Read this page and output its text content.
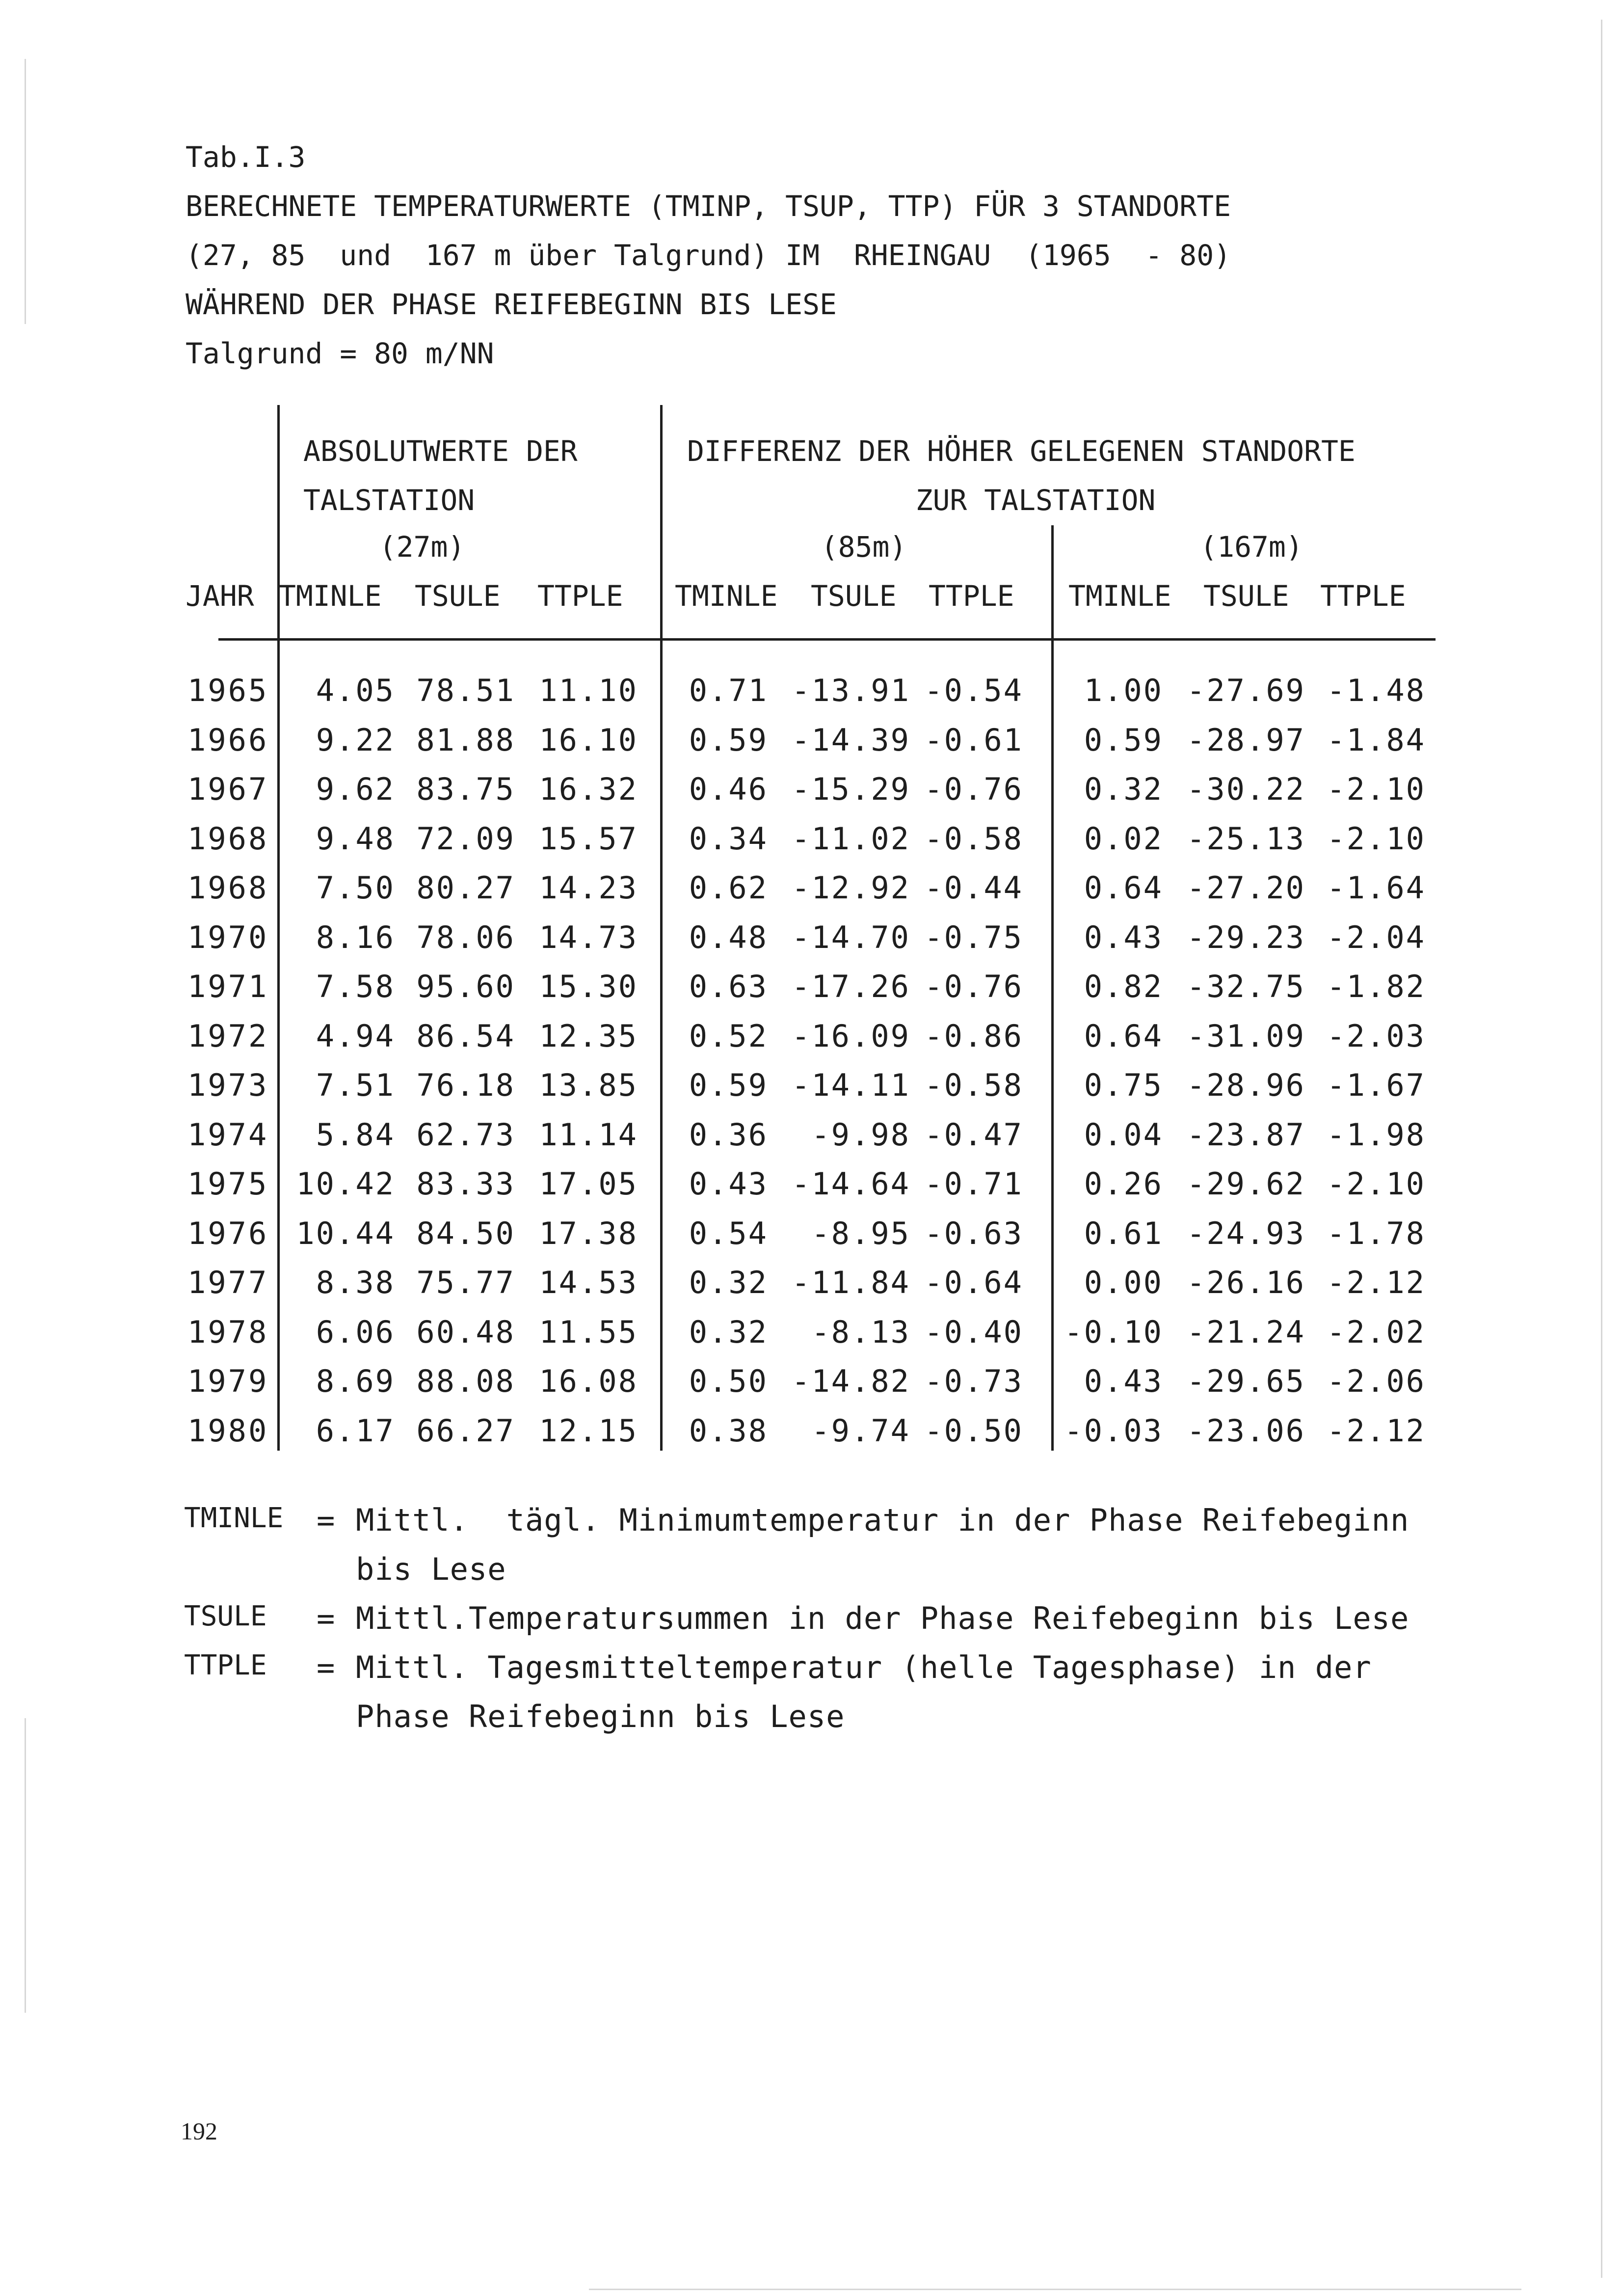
Tab.I.3
BERECHNETE TEMPERATURWERTE (TMINP, TSUP, TTP) FÜR 3 STANDORTE
(27, 85  und  167 m über Talgrund) IM  RHEINGAU  (1965  - 80)
WÄHREND DER PHASE REIFEBEGINN BIS LESE
Talgrund = 80 m/NN
ABSOLUTWERTE DER
TALSTATION
(27m)
DIFFERENZ DER HÖHER GELEGENEN STANDORTE
ZUR TALSTATION
(85m)	(167m)
JAHR TMINLE TSULE TTPLE TMINLE TSULE TTPLE TMINLE TSULE TTPLE
1965	4.05 78.51 11.10	0.71 -13.91 -0.54	1.00 -27.69 -1.48
1966	9.22 81.88 16.10	0.59 -14.39 -0.61	0.59 -28.97 -1.84
1967	9.62 83.75 16.32	0.46 -15.29 -0.76	0.32 -30.22 -2.10
1968	9.48 72.09 15.57	0.34 -11.02 -0.58	0.02 -25.13 -2.10
1968	7.50 80.27 14.23	0.62 -12.92 -0.44	0.64 -27.20 -1.64
1970	8.16 78.06 14.73	0.48 -14.70 -0.75	0.43 -29.23 -2.04
1971	7.58 95.60 15.30	0.63 -17.26 -0.76	0.82 -32.75 -1.82
1972	4.94 86.54 12.35	0.52 -16.09 -0.86	0.64 -31.09 -2.03
1973	7.51 76.18 13.85	0.59 -14.11 -0.58	0.75 -28.96 -1.67
1974	5.84 62.73 11.14	0.36	-9.98 -0.47	0.04 -23.87 -1.98
1975 10.42 83.33 17.05	0.43 -14.64 -0.71	0.26 -29.62 -2.10
1976 10.44 84.50 17.38	0.54	-8.95 -0.63	0.61 -24.93 -1.78
1977	8.38 75.77 14.53	0.32 -11.84 -0.64	0.00 -26.16 -2.12
1978	6.06 60.48 11.55	0.32	-8.13 -0.40	-0.10 -21.24 -2.02
1979	8.69 88.08 16.08	0.50 -14.82 -0.73	0.43 -29.65 -2.06
1980	6.17 66.27 12.15	0.38	-9.74 -0.50	-0.03 -23.06 -2.12
TMINLE = Mittl.  tägl. Minimumtemperatur in der Phase Reifebeginn
bis Lese
TSULE = Mittl.Temperatursummen in der Phase Reifebeginn bis Lese
TTPLE = Mittl. Tagesmitteltemperatur (helle Tagesphase) in der
Phase Reifebeginn bis Lese
192
